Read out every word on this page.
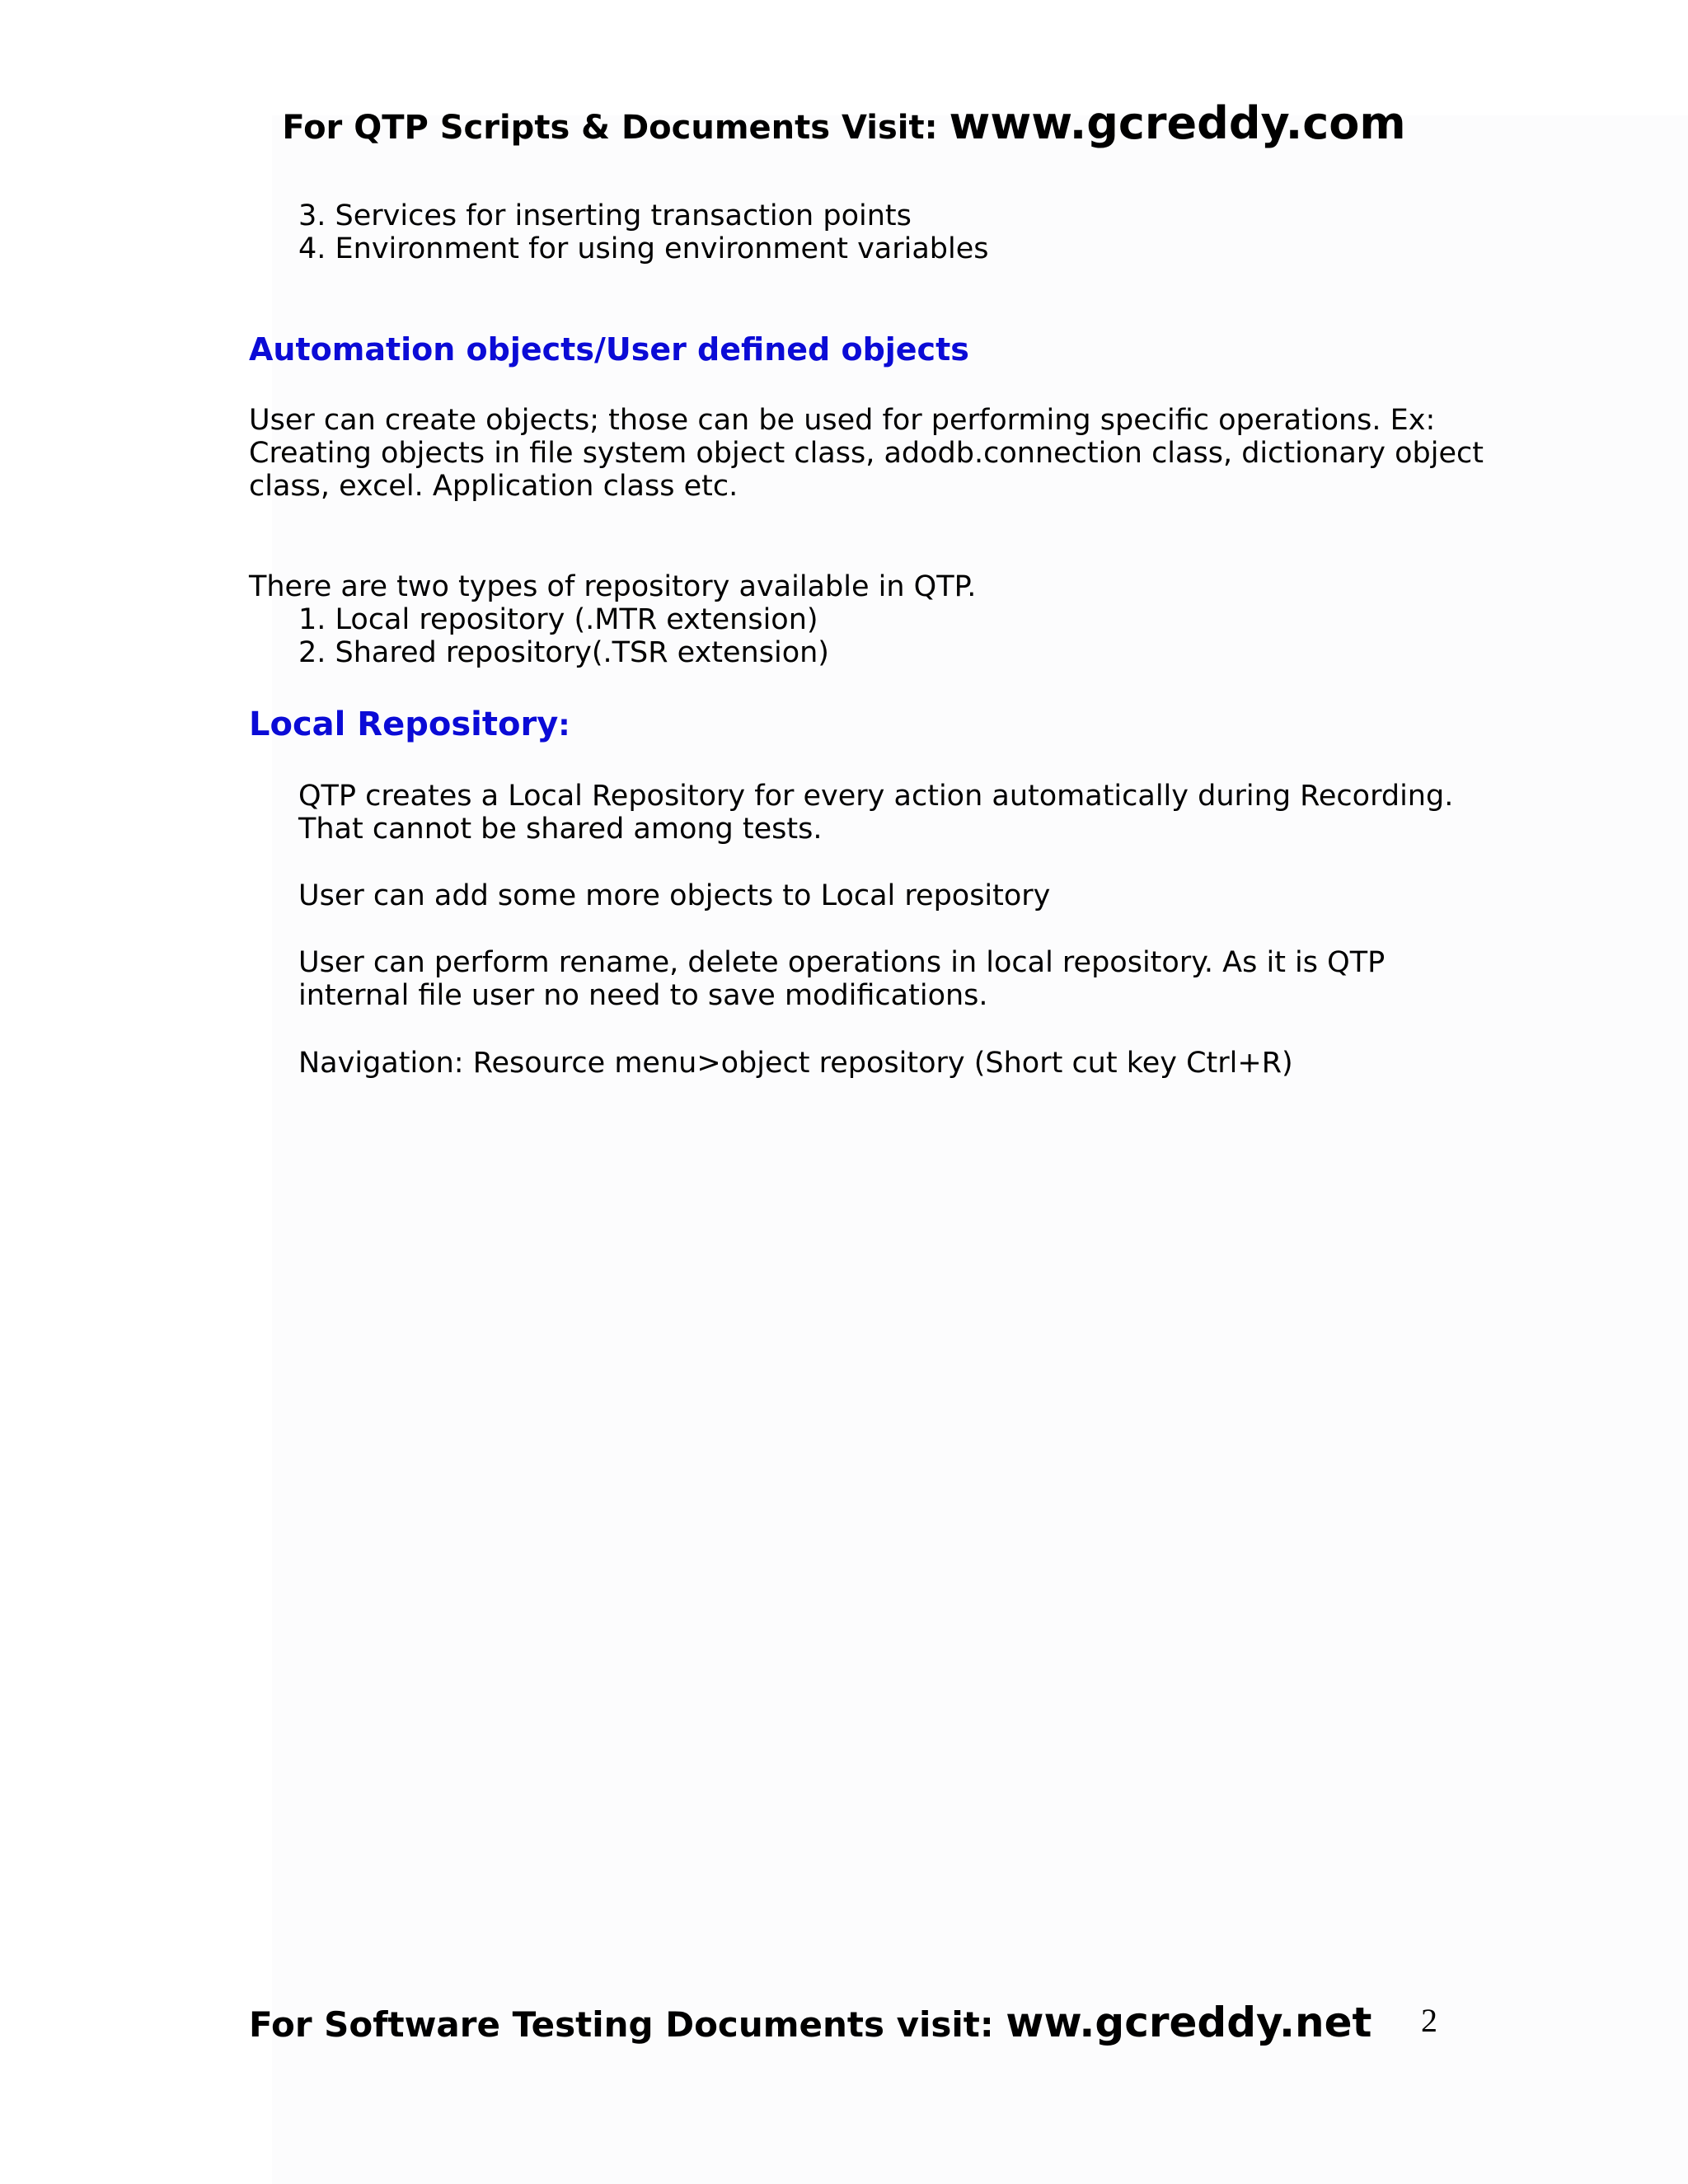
For QTP Scripts & Documents Visit: www.gcreddy.com
3. Services for inserting transaction points
4. Environment for using environment variables
Automation objects/User defined objects
User can create objects; those can be used for performing specific operations. Ex:
Creating objects in file system object class, adodb.connection class, dictionary object
class, excel. Application class etc.
There are two types of repository available in QTP.
1. Local repository (.MTR extension)
2. Shared repository(.TSR extension)
Local Repository:
QTP creates a Local Repository for every action automatically during Recording.
That cannot be shared among tests.
User can add some more objects to Local repository
User can perform rename, delete operations in local repository. As it is QTP
internal file user no need to save modifications.
Navigation: Resource menu>object repository (Short cut key Ctrl+R)
For Software Testing Documents visit: ww.gcreddy.net 2
